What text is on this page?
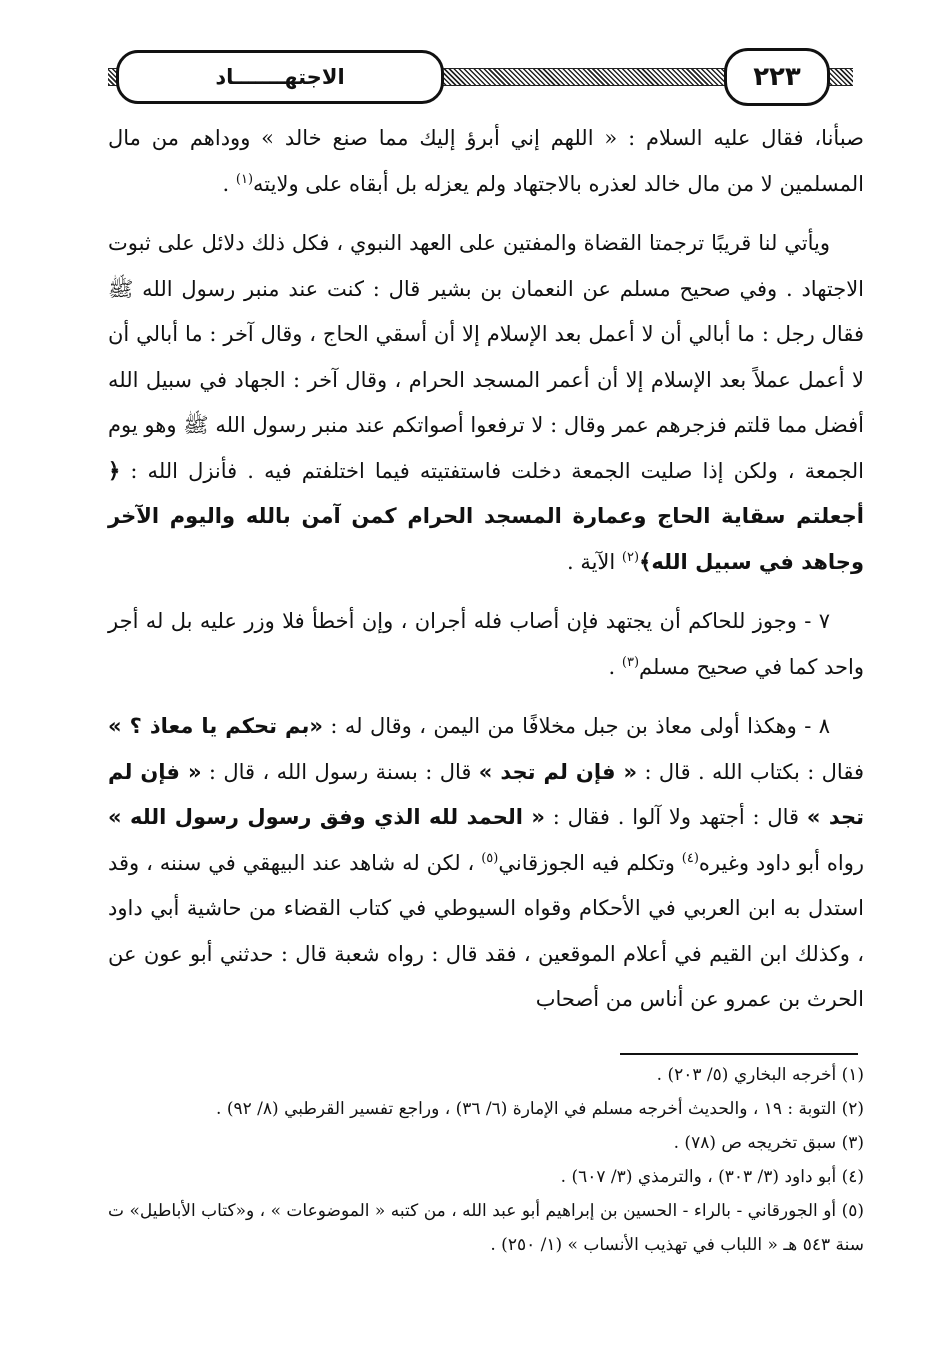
الاجتهـــــــاد	٢٢٣

صبأنا، فقال عليه السلام : « اللهم إني أبرؤ إليك مما صنع خالد » ووداهم من مال المسلمين لا من مال خالد لعذره بالاجتهاد ولم يعزله بل أبقاه على ولايته$^{(١)}$ .

ويأتي لنا قريبًا ترجمتا القضاة والمفتين على العهد النبوي ، فكل ذلك دلائل على ثبوت الاجتهاد . وفي صحيح مسلم عن النعمان بن بشير قال : كنت عند منبر رسول الله ﷺ فقال رجل : ما أبالي أن لا أعمل بعد الإسلام إلا أن أسقي الحاج ، وقال آخر : ما أبالي أن لا أعمل عملاً بعد الإسلام إلا أن أعمر المسجد الحرام ، وقال آخر : الجهاد في سبيل الله أفضل مما قلتم فزجرهم عمر وقال : لا ترفعوا أصواتكم عند منبر رسول الله ﷺ وهو يوم الجمعة ، ولكن إذا صليت الجمعة دخلت فاستفتيته فيما اختلفتم فيه . فأنزل الله : ﴿ أجعلتم سقاية الحاج وعمارة المسجد الحرام كمن آمن بالله واليوم الآخر وجاهد في سبيل الله﴾$^{(٢)}$ الآية .

٧ - وجوز للحاكم أن يجتهد فإن أصاب فله أجران ، وإن أخطأ فلا وزر عليه بل له أجر واحد كما في صحيح مسلم$^{(٣)}$ .

٨ - وهكذا أولى معاذ بن جبل مخلافًا من اليمن ، وقال له : «بم تحكم يا معاذ ؟ » فقال : بكتاب الله . قال : « فإن لم تجد » قال : بسنة رسول الله ، قال : « فإن لم تجد » قال : أجتهد ولا آلوا . فقال : « الحمد لله الذي وفق رسول رسول الله » رواه أبو داود وغيره$^{(٤)}$ وتكلم فيه الجوزقاني$^{(٥)}$ ، لكن له شاهد عند البيهقي في سننه ، وقد استدل به ابن العربي في الأحكام وقواه السيوطي في كتاب القضاء من حاشية أبي داود ، وكذلك ابن القيم في أعلام الموقعين ، فقد قال : رواه شعبة قال : حدثني أبو عون عن الحرث بن عمرو عن أناس من أصحاب

(١) أخرجه البخاري (٥/ ٢٠٣) .
(٢) التوبة : ١٩ ، والحديث أخرجه مسلم في الإمارة (٦/ ٣٦) ، وراجع تفسير القرطبي (٨/ ٩٢) .
(٣) سبق تخريجه ص (٧٨) .
(٤) أبو داود (٣/ ٣٠٣) ، والترمذي (٣/ ٦٠٧) .
(٥) أو الجورقاني - بالراء - الحسين بن إبراهيم أبو عبد الله ، من كتبه « الموضوعات » ، و«كتاب الأباطيل» ت سنة ٥٤٣ هـ « اللباب في تهذيب الأنساب » (١/ ٢٥٠) .
